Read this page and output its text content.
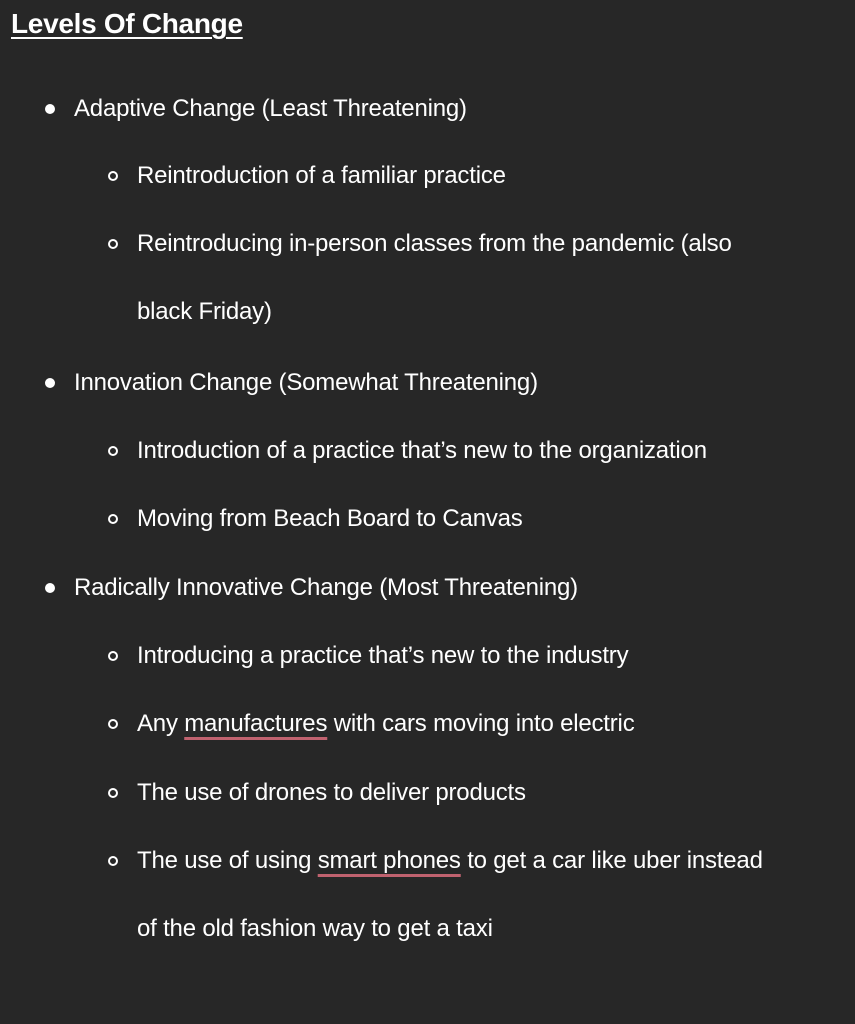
Levels Of Change
Adaptive Change (Least Threatening)
Reintroduction of a familiar practice
Reintroducing in-person classes from the pandemic (also
black Friday)
Innovation Change (Somewhat Threatening)
Introduction of a practice that’s new to the organization
Moving from Beach Board to Canvas
Radically Innovative Change (Most Threatening)
Introducing a practice that’s new to the industry
Any manufactures with cars moving into electric
The use of drones to deliver products
The use of using smart phones to get a car like uber instead
of the old fashion way to get a taxi
